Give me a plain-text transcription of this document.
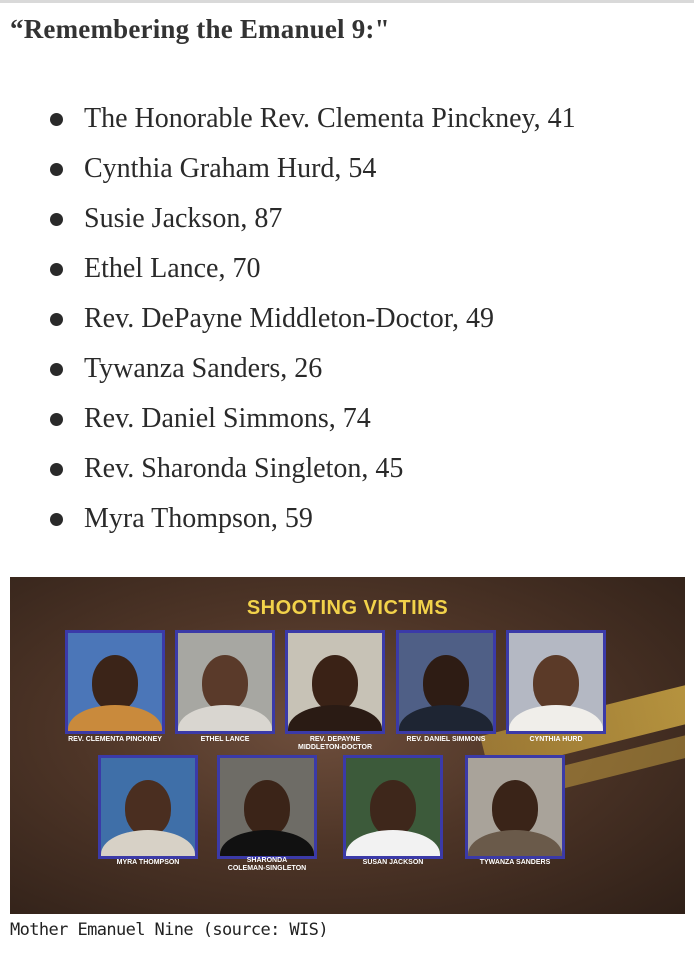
“Remembering the Emanuel 9:"
The Honorable Rev. Clementa Pinckney, 41
Cynthia Graham Hurd, 54
Susie Jackson, 87
Ethel Lance, 70
Rev. DePayne Middleton-Doctor, 49
Tywanza Sanders, 26
Rev. Daniel Simmons, 74
Rev. Sharonda Singleton, 45
Myra Thompson, 59
SHOOTING VICTIMS
REV. CLEMENTA PINCKNEY	ETHEL LANCE	REV. DEPAYNE
MIDDLETON-DOCTOR
REV. DANIEL SIMMONS	CYNTHIA HURD
MYRA THOMPSON	SHARONDA
COLEMAN-SINGLETON
SUSAN JACKSON	TYWANZA SANDERS
Mother Emanuel Nine (source: WIS)
